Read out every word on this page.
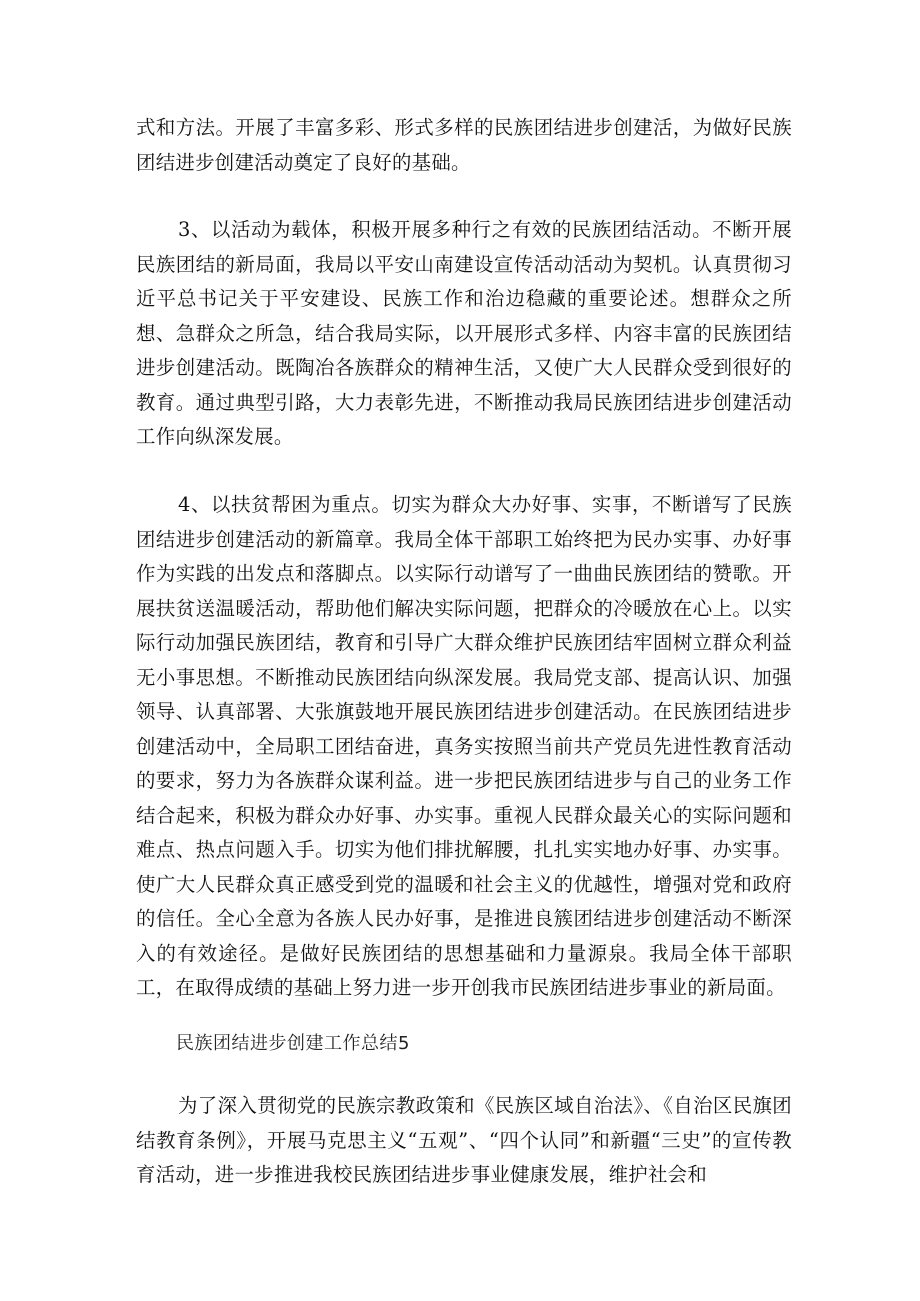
式和方法。开展了丰富多彩、形式多样的民族团结进步创建活，为做好民族团结进步创建活动奠定了良好的基础。

3、以活动为载体，积极开展多种行之有效的民族团结活动。不断开展民族团结的新局面，我局以平安山南建设宣传活动活动为契机。认真贯彻习近平总书记关于平安建设、民族工作和治边稳藏的重要论述。想群众之所想、急群众之所急，结合我局实际，以开展形式多样、内容丰富的民族团结进步创建活动。既陶冶各族群众的精神生活，又使广大人民群众受到很好的教育。通过典型引路，大力表彰先进，不断推动我局民族团结进步创建活动工作向纵深发展。

4、以扶贫帮困为重点。切实为群众大办好事、实事，不断谱写了民族团结进步创建活动的新篇章。我局全体干部职工始终把为民办实事、办好事作为实践的出发点和落脚点。以实际行动谱写了一曲曲民族团结的赞歌。开展扶贫送温暖活动，帮助他们解决实际问题，把群众的冷暖放在心上。以实际行动加强民族团结，教育和引导广大群众维护民族团结牢固树立群众利益无小事思想。不断推动民族团结向纵深发展。我局党支部、提高认识、加强领导、认真部署、大张旗鼓地开展民族团结进步创建活动。在民族团结进步创建活动中，全局职工团结奋进，真务实按照当前共产党员先进性教育活动的要求，努力为各族群众谋利益。进一步把民族团结进步与自己的业务工作结合起来，积极为群众办好事、办实事。重视人民群众最关心的实际问题和难点、热点问题入手。切实为他们排扰解腰，扎扎实实地办好事、办实事。使广大人民群众真正感受到党的温暖和社会主义的优越性，增强对党和政府的信任。全心全意为各族人民办好事，是推进良簇团结进步创建活动不断深入的有效途径。是做好民族团结的思想基础和力量源泉。我局全体干部职工，在取得成绩的基础上努力进一步开创我市民族团结进步事业的新局面。

民族团结进步创建工作总结5

为了深入贯彻党的民族宗教政策和《民族区域自治法》、《自治区民旗团结教育条例》，开展马克思主义“五观”、“四个认同”和新疆“三史”的宣传教育活动，进一步推进我校民族团结进步事业健康发展，维护社会和
